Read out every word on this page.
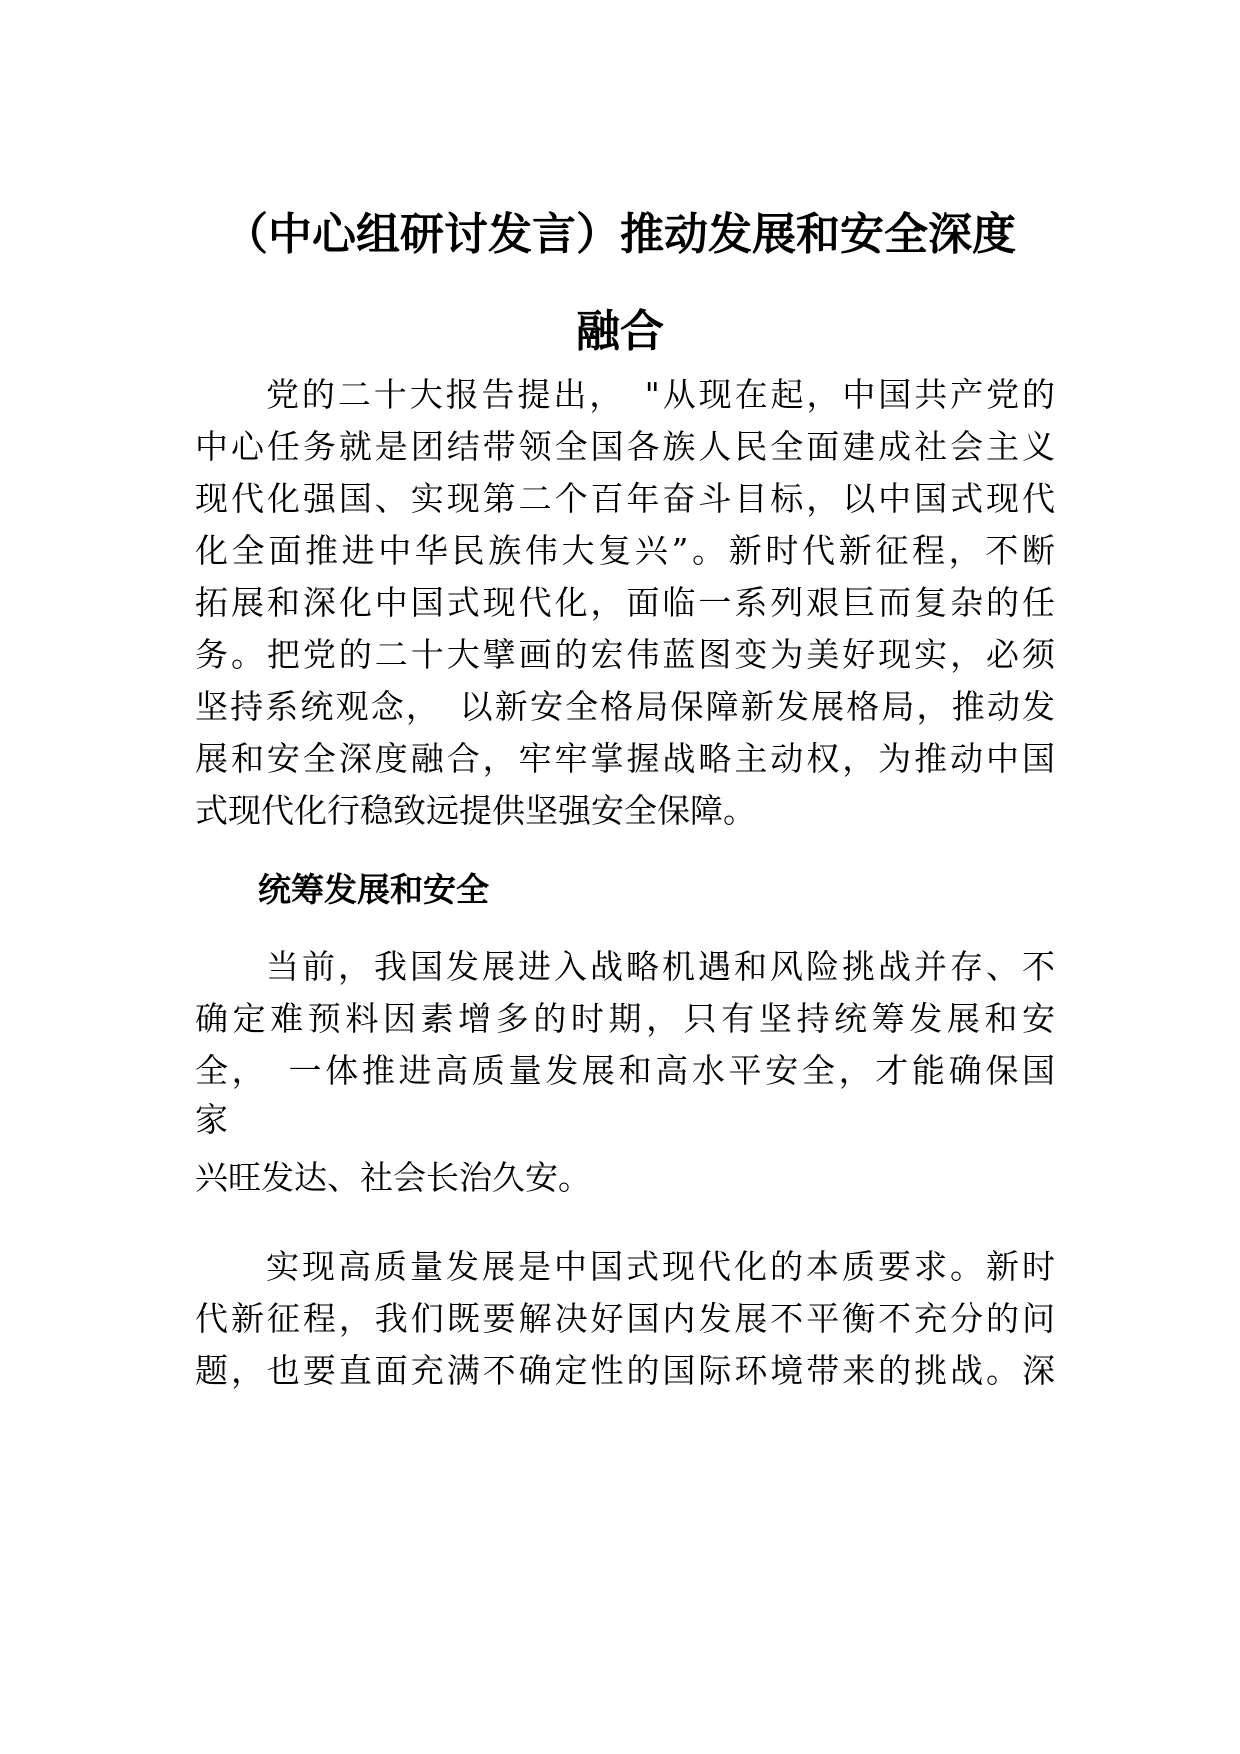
（中心组研讨发言）推动发展和安全深度
融合
党的二十大报告提出，　"从现在起，中国共产党的
中心任务就是团结带领全国各族人民全面建成社会主义
现代化强国、实现第二个百年奋斗目标，以中国式现代
化全面推进中华民族伟大复兴”。新时代新征程，不断
拓展和深化中国式现代化，面临一系列艰巨而复杂的任
务。把党的二十大擘画的宏伟蓝图变为美好现实，必须
坚持系统观念，　以新安全格局保障新发展格局，推动发
展和安全深度融合，牢牢掌握战略主动权，为推动中国
式现代化行稳致远提供坚强安全保障。
统筹发展和安全
当前，我国发展进入战略机遇和风险挑战并存、不
确定难预料因素增多的时期，只有坚持统筹发展和安
全，　一体推进高质量发展和高水平安全，才能确保国
家
兴旺发达、社会长治久安。
实现高质量发展是中国式现代化的本质要求。新时
代新征程，我们既要解决好国内发展不平衡不充分的问
题，也要直面充满不确定性的国际环境带来的挑战。深
